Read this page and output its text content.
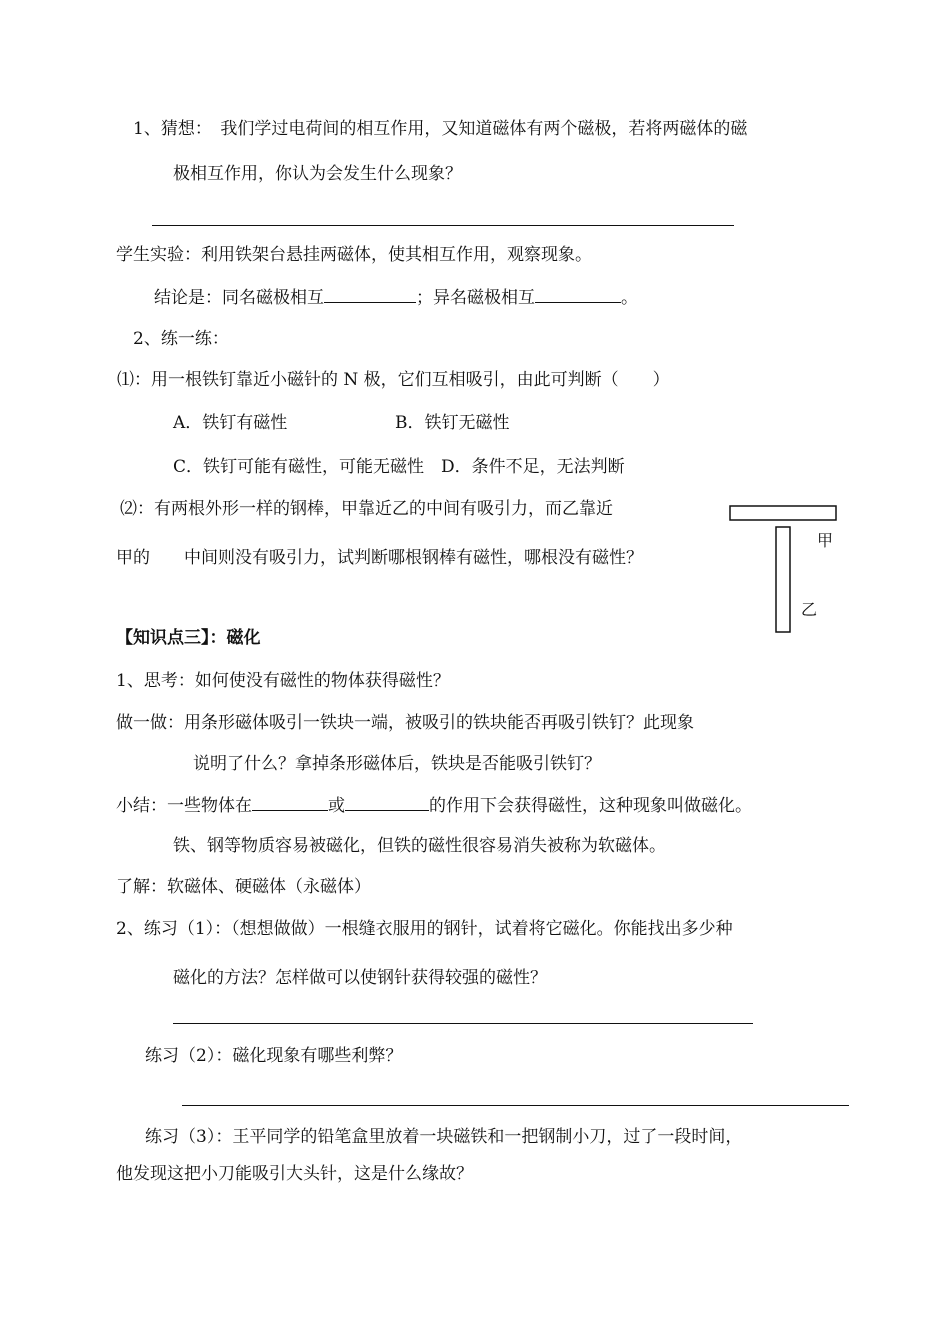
1、猜想：　我们学过电荷间的相互作用，又知道磁体有两个磁极，若将两磁体的磁
极相互作用，你认为会发生什么现象？
学生实验：利用铁架台悬挂两磁体，使其相互作用，观察现象。
结论是：同名磁极相互	；异名磁极相互	。
2、练一练：
⑴：用一根铁钉靠近小磁针的 N 极，它们互相吸引，由此可判断（　　）
A．铁钉有磁性	B．铁钉无磁性
C．铁钉可能有磁性，可能无磁性　D．条件不足，无法判断
⑵：有两根外形一样的钢棒，甲靠近乙的中间有吸引力，而乙靠近
甲的　　中间则没有吸引力，试判断哪根钢棒有磁性，哪根没有磁性？
甲
乙
【知识点三】：磁化
1、思考：如何使没有磁性的物体获得磁性？
做一做：用条形磁体吸引一铁块一端，被吸引的铁块能否再吸引铁钉？此现象
说明了什么？拿掉条形磁体后，铁块是否能吸引铁钉？
小结：一些物体在	或	的作用下会获得磁性，这种现象叫做磁化。
铁、钢等物质容易被磁化，但铁的磁性很容易消失被称为软磁体。
了解：软磁体、硬磁体（永磁体）
2、练习（1）：（想想做做）一根缝衣服用的钢针，试着将它磁化。你能找出多少种
磁化的方法？怎样做可以使钢针获得较强的磁性？
练习（2）：磁化现象有哪些利弊？
练习（3）：王平同学的铅笔盒里放着一块磁铁和一把钢制小刀，过了一段时间，
他发现这把小刀能吸引大头针，这是什么缘故？
